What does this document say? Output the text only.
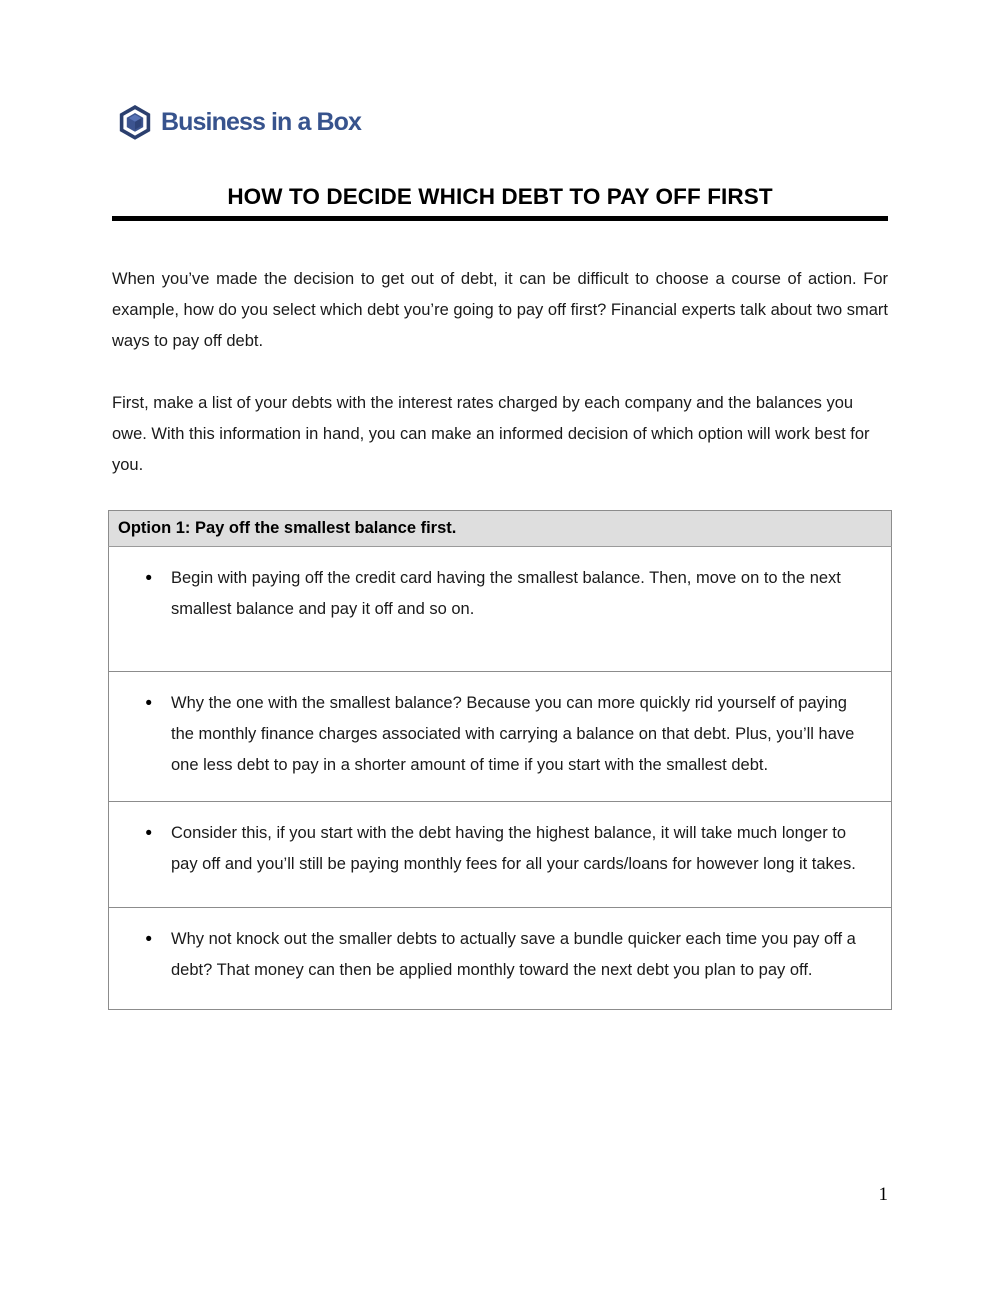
Business in a Box
HOW TO DECIDE WHICH DEBT TO PAY OFF FIRST
When you’ve made the decision to get out of debt, it can be difficult to choose a course of action. For example, how do you select which debt you’re going to pay off first? Financial experts talk about two smart ways to pay off debt.
First, make a list of your debts with the interest rates charged by each company and the balances you owe. With this information in hand, you can make an informed decision of which option will work best for you.
Option 1: Pay off the smallest balance first.

•	Begin with paying off the credit card having the smallest balance. Then, move on to the next smallest balance and pay it off and so on.

•	Why the one with the smallest balance? Because you can more quickly rid yourself of paying the monthly finance charges associated with carrying a balance on that debt. Plus, you’ll have one less debt to pay in a shorter amount of time if you start with the smallest debt.

•	Consider this, if you start with the debt having the highest balance, it will take much longer to pay off and you’ll still be paying monthly fees for all your cards/loans for however long it takes.

•	Why not knock out the smaller debts to actually save a bundle quicker each time you pay off a debt? That money can then be applied monthly toward the next debt you plan to pay off.
1
